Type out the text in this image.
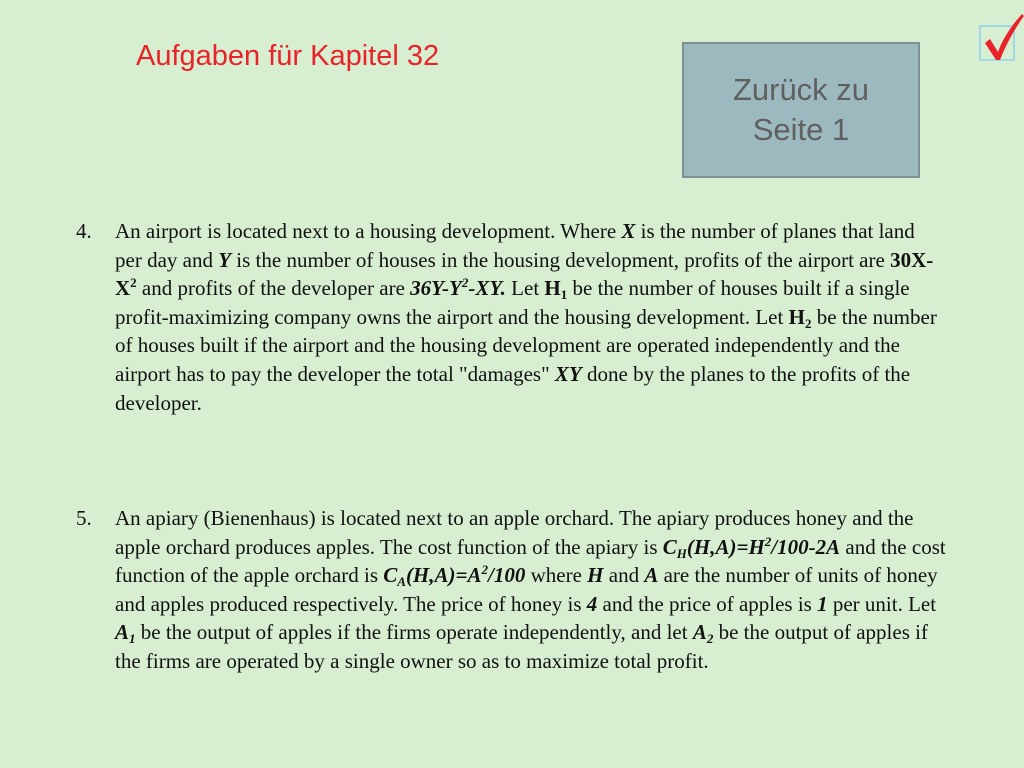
Aufgaben für Kapitel 32
Zurück zu
Seite 1
4. An airport is located next to a housing development. Where X is the number of planes that land per day and Y is the number of houses in the housing development, profits of the airport are $30X-X^2$ and profits of the developer are $36Y-Y^2-XY$. Let $H_1$ be the number of houses built if a single profit-maximizing company owns the airport and the housing development. Let $H_2$ be the number of houses built if the airport and the housing development are operated independently and the airport has to pay the developer the total "damages" XY done by the planes to the profits of the developer.
5. An apiary (Bienenhaus) is located next to an apple orchard. The apiary produces honey and the apple orchard produces apples. The cost function of the apiary is $C_H(H,A)=H^2/100-2A$ and the cost function of the apple orchard is $C_A(H,A)=A^2/100$ where H and A are the number of units of honey and apples produced respectively. The price of honey is 4 and the price of apples is 1 per unit. Let $A_1$ be the output of apples if the firms operate independently, and let $A_2$ be the output of apples if the firms are operated by a single owner so as to maximize total profit.
